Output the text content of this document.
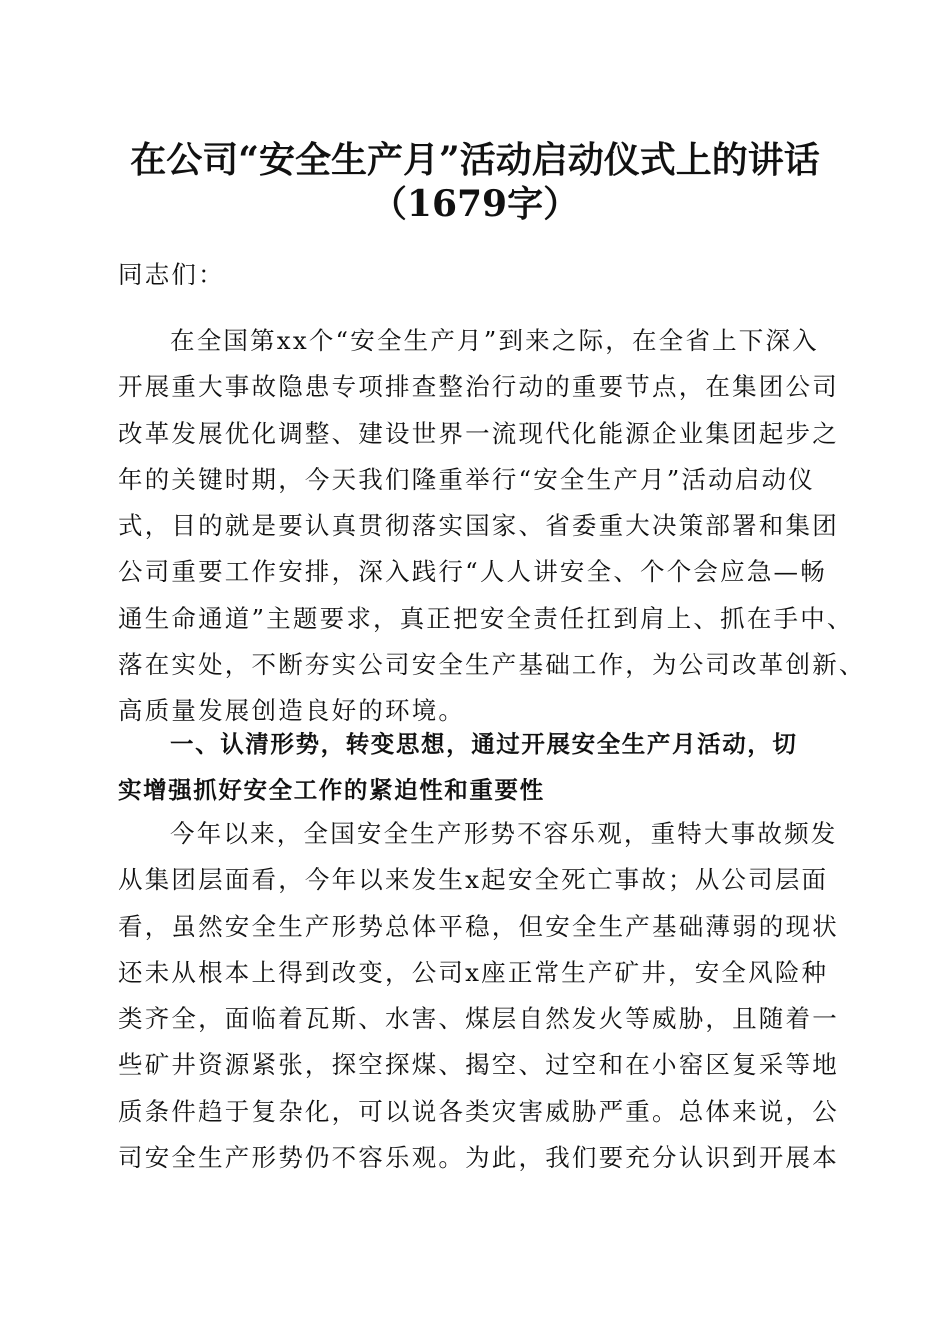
在公司“安全生产月”活动启动仪式上的讲话
（1679字）
同志们：
在全国第xx个“安全生产月”到来之际，在全省上下深入
开展重大事故隐患专项排查整治行动的重要节点，在集团公司
改革发展优化调整、建设世界一流现代化能源企业集团起步之
年的关键时期，今天我们隆重举行“安全生产月”活动启动仪
式，目的就是要认真贯彻落实国家、省委重大决策部署和集团
公司重要工作安排，深入践行“人人讲安全、个个会应急—畅
通生命通道”主题要求，真正把安全责任扛到肩上、抓在手中、
落在实处，不断夯实公司安全生产基础工作，为公司改革创新、
高质量发展创造良好的环境。
一、认清形势，转变思想，通过开展安全生产月活动，切
实增强抓好安全工作的紧迫性和重要性
今年以来，全国安全生产形势不容乐观，重特大事故频发
从集团层面看，今年以来发生x起安全死亡事故；从公司层面
看，虽然安全生产形势总体平稳，但安全生产基础薄弱的现状
还未从根本上得到改变，公司x座正常生产矿井，安全风险种
类齐全，面临着瓦斯、水害、煤层自然发火等威胁，且随着一
些矿井资源紧张，探空探煤、揭空、过空和在小窑区复采等地
质条件趋于复杂化，可以说各类灾害威胁严重。总体来说，公
司安全生产形势仍不容乐观。为此，我们要充分认识到开展本
